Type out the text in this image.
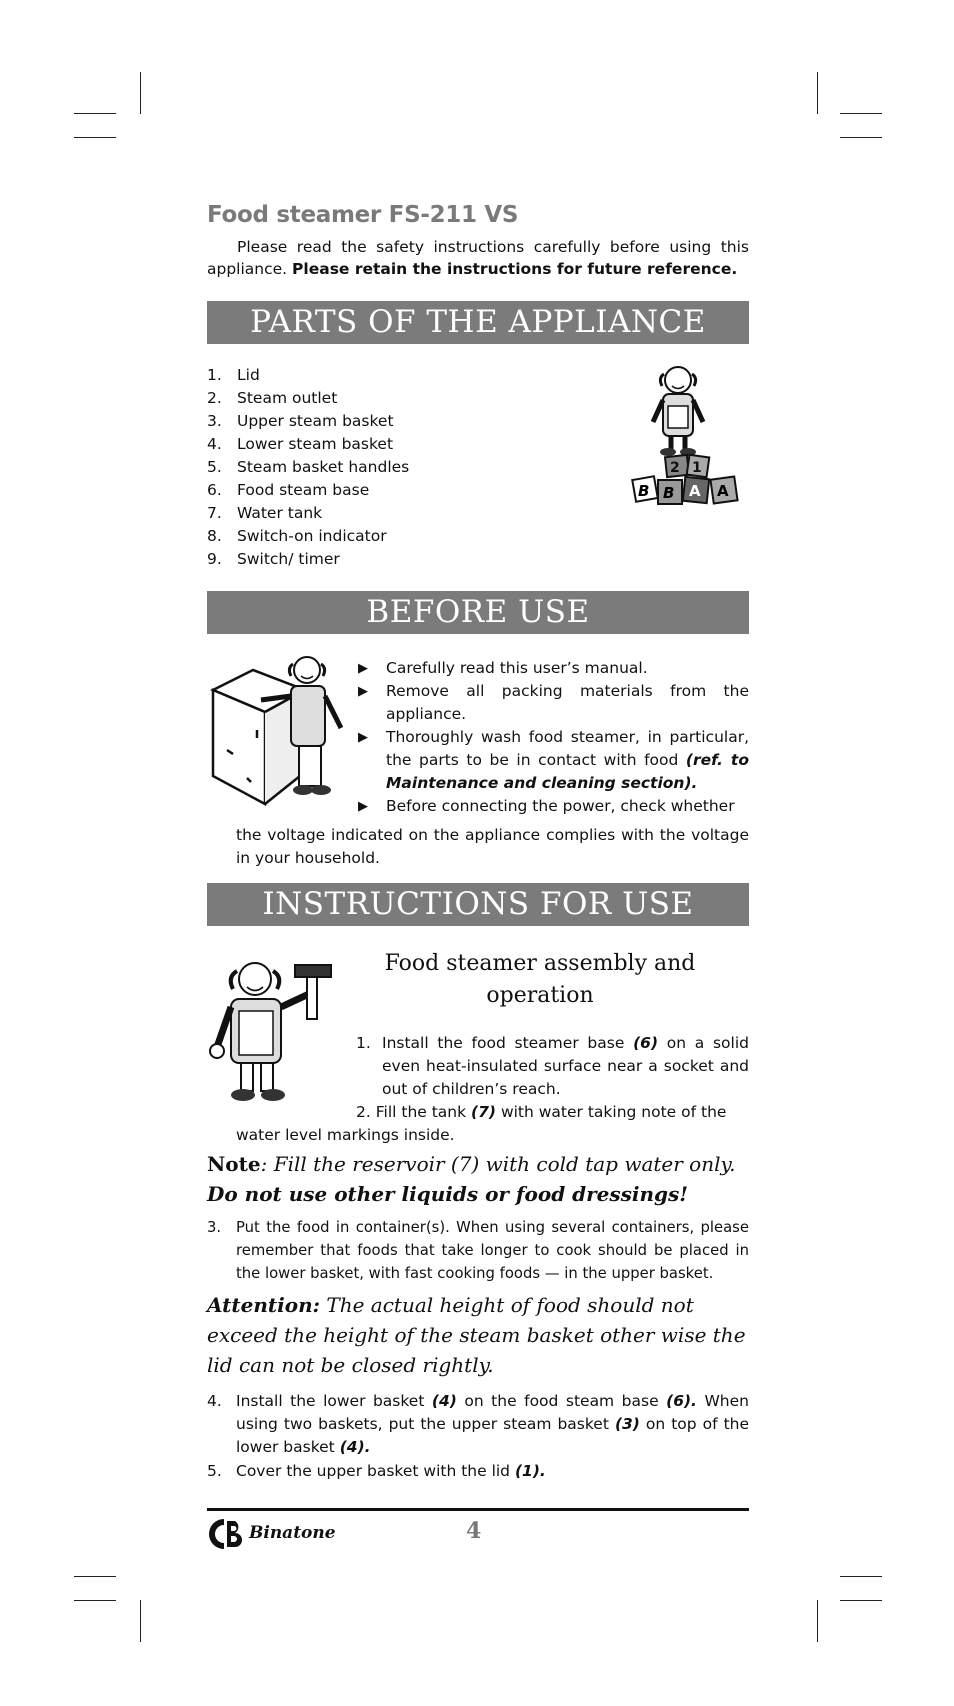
Food steamer FS-211 VS
Please read the safety instructions carefully before using this appliance. Please retain the instructions for future reference.
PARTS OF THE APPLIANCE
1. Lid
2. Steam outlet
3. Upper steam basket
4. Lower steam basket
5. Steam basket handles
6. Food steam base
7. Water tank
8. Switch-on indicator
9. Switch/ timer
2 1
B B A A
BEFORE USE
▶ Carefully read this user’s manual.
▶ Remove all packing materials from the appliance.
▶ Thoroughly wash food steamer, in particular, the parts to be in contact with food (ref. to Maintenance and cleaning section).
▶ Before connecting the power, check whether
the voltage indicated on the appliance complies with the voltage in your household.
INSTRUCTIONS FOR USE
Food steamer assembly and operation
1. Install the food steamer base (6) on a solid even heat-insulated surface near a socket and out of children’s reach.
2. Fill the tank (7) with water taking note of the
water level markings inside.
Note: Fill the reservoir (7) with cold tap water only. Do not use other liquids or food dressings!
3.	Put the food in container(s). When using several containers, please remember that foods that take longer to cook should be placed in the lower basket, with fast cooking foods — in the upper basket.
Attention: The actual height of food should not exceed the height of the steam basket other wise the lid can not be closed rightly.
4. Install the lower basket (4) on the food steam base (6). When using two baskets, put the upper steam basket (3) on top of the lower basket (4).
5. Cover the upper basket with the lid (1).
Binatone	4
